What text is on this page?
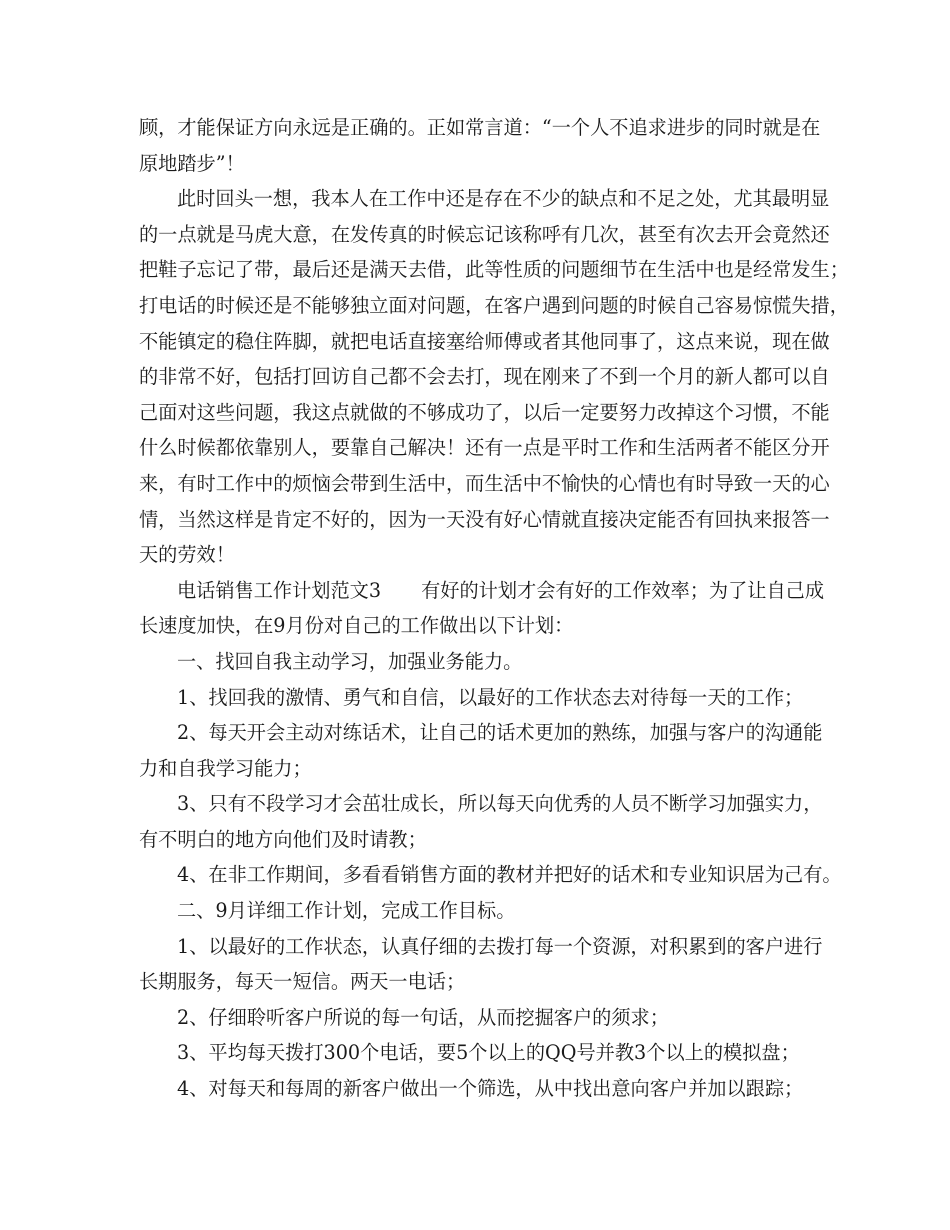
顾，才能保证方向永远是正确的。正如常言道：“一个人不追求进步的同时就是在
原地踏步”！
此时回头一想，我本人在工作中还是存在不少的缺点和不足之处，尤其最明显
的一点就是马虎大意，在发传真的时候忘记该称呼有几次，甚至有次去开会竟然还
把鞋子忘记了带，最后还是满天去借，此等性质的问题细节在生活中也是经常发生；
打电话的时候还是不能够独立面对问题，在客户遇到问题的时候自己容易惊慌失措，
不能镇定的稳住阵脚，就把电话直接塞给师傅或者其他同事了，这点来说，现在做
的非常不好，包括打回访自己都不会去打，现在刚来了不到一个月的新人都可以自
己面对这些问题，我这点就做的不够成功了，以后一定要努力改掉这个习惯，不能
什么时候都依靠别人，要靠自己解决！还有一点是平时工作和生活两者不能区分开
来，有时工作中的烦恼会带到生活中，而生活中不愉快的心情也有时导致一天的心
情，当然这样是肯定不好的，因为一天没有好心情就直接决定能否有回执来报答一
天的劳效！
电话销售工作计划范文3 有好的计划才会有好的工作效率；为了让自己成
长速度加快，在9月份对自己的工作做出以下计划：
一、找回自我主动学习，加强业务能力。
1、找回我的激情、勇气和自信，以最好的工作状态去对待每一天的工作；
2、每天开会主动对练话术，让自己的话术更加的熟练，加强与客户的沟通能
力和自我学习能力；
3、只有不段学习才会茁壮成长，所以每天向优秀的人员不断学习加强实力，
有不明白的地方向他们及时请教；
4、在非工作期间，多看看销售方面的教材并把好的话术和专业知识居为己有。
二、9月详细工作计划，完成工作目标。
1、以最好的工作状态，认真仔细的去拨打每一个资源，对积累到的客户进行
长期服务，每天一短信。两天一电话；
2、仔细聆听客户所说的每一句话，从而挖掘客户的须求；
3、平均每天拨打300个电话，要5个以上的QQ号并教3个以上的模拟盘；
4、对每天和每周的新客户做出一个筛选，从中找出意向客户并加以跟踪；
